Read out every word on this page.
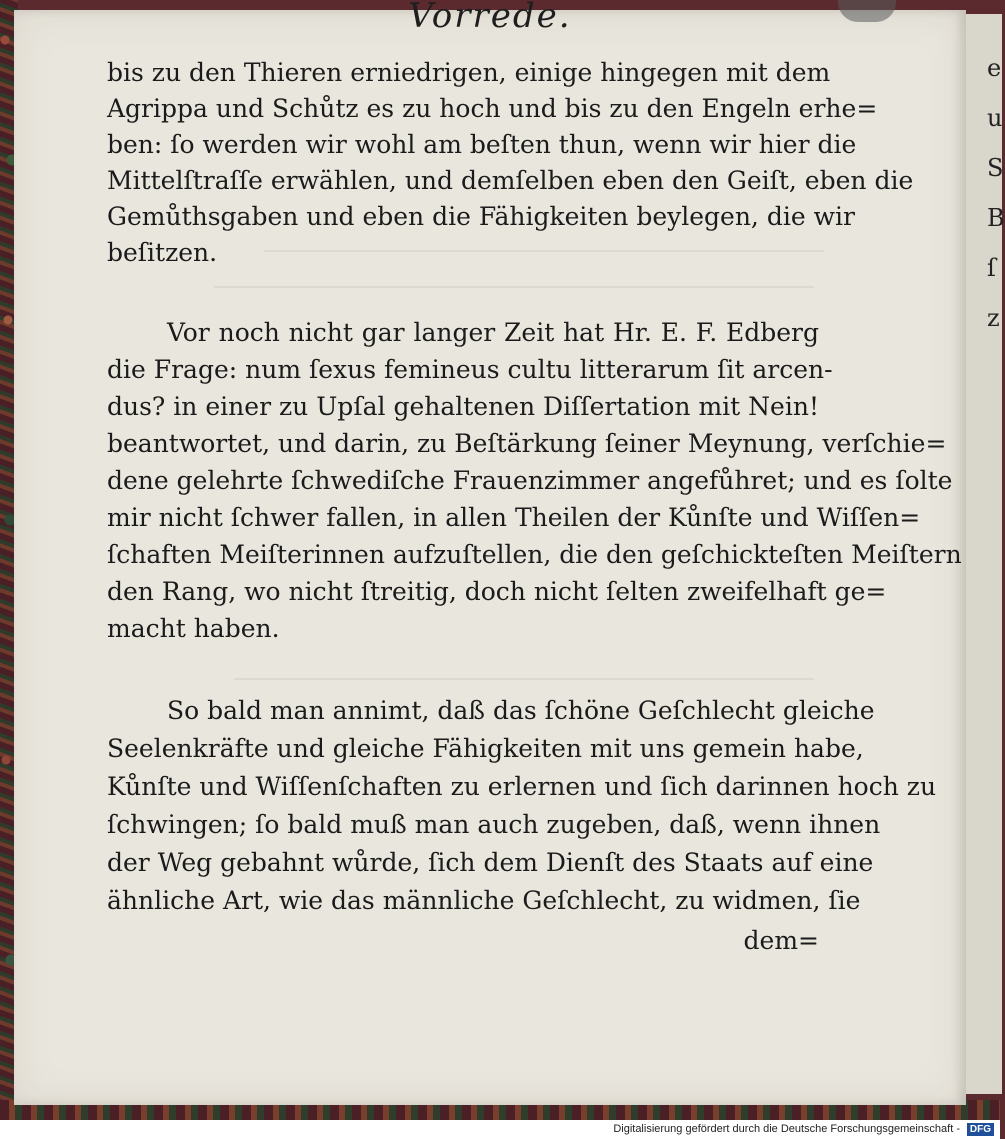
e
u
S
B
ſ
z
Vorrede.
bis zu den Thieren erniedrigen, einige hingegen mit dem
Agrippa und Schůtz es zu hoch und bis zu den Engeln erhe=
ben: ſo werden wir wohl am beſten thun, wenn wir hier die
Mittelſtraſſe erwählen, und demſelben eben den Geiſt, eben die
Gemůthsgaben und eben die Fähigkeiten beylegen, die wir
beſitzen.
Vor noch nicht gar langer Zeit hat Hr. E. F. Edberg
die Frage: num ſexus femineus cultu litterarum ſit arcen-
dus? in einer zu Upſal gehaltenen Diſſertation mit Nein!
beantwortet, und darin, zu Beſtärkung ſeiner Meynung, verſchie=
dene gelehrte ſchwediſche Frauenzimmer angefůhret; und es ſolte
mir nicht ſchwer fallen, in allen Theilen der Kůnſte und Wiſſen=
ſchaften Meiſterinnen aufzuſtellen, die den geſchickteſten Meiſtern
den Rang, wo nicht ſtreitig, doch nicht ſelten zweifelhaft ge=
macht haben.
So bald man annimt, daß das ſchöne Geſchlecht gleiche
Seelenkräfte und gleiche Fähigkeiten mit uns gemein habe,
Kůnſte und Wiſſenſchaften zu erlernen und ſich darinnen hoch zu
ſchwingen; ſo bald muß man auch zugeben, daß, wenn ihnen
der Weg gebahnt wůrde, ſich dem Dienſt des Staats auf eine
ähnliche Art, wie das männliche Geſchlecht, zu widmen, ſie
dem=
Digitalisierung gefördert durch die Deutsche Forschungsgemeinschaft - DFG
